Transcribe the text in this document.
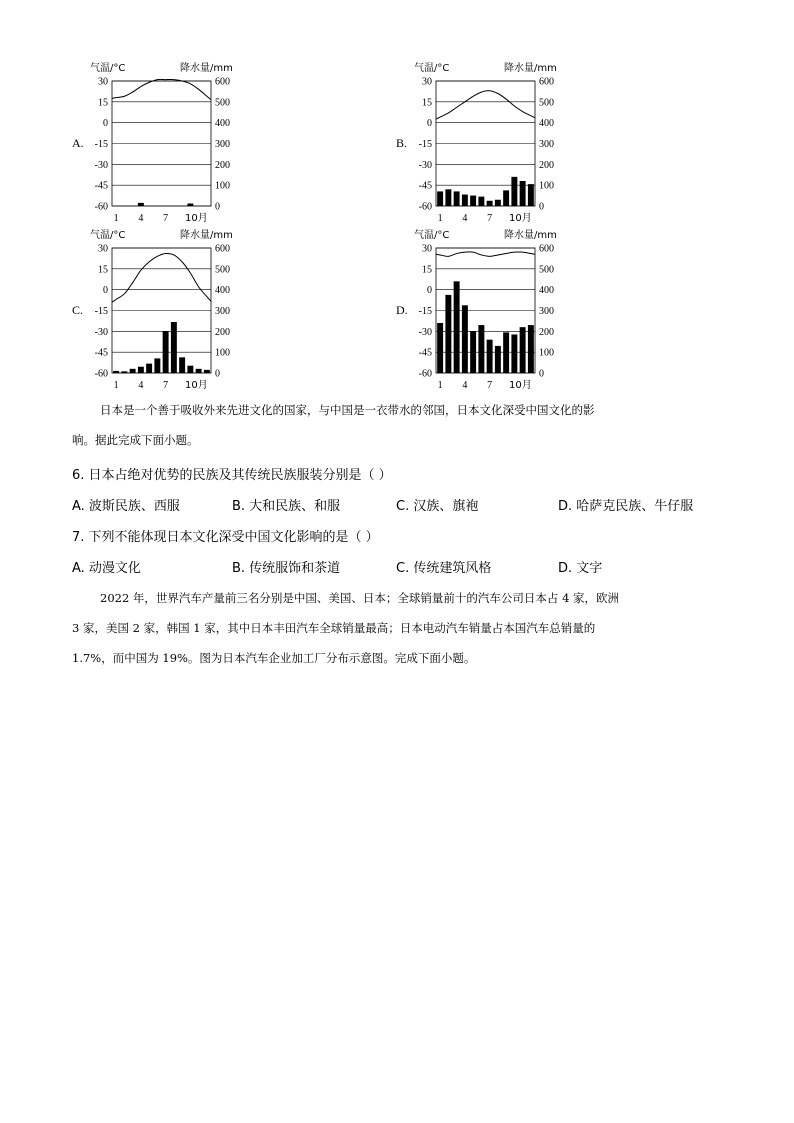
气温/°C	降水量/mm
30	600
15	500
0	400
-15	300
-30	200
-45	100
-60	0
1 4 7 10月
A.
气温/°C	降水量/mm
30	600
15	500
0	400
-15	300
-30	200
-45	100
-60	0
1 4 7 10月
B.
气温/°C	降水量/mm
30	600
15	500
0	400
-15	300
-30	200
-45	100
-60	0
1 4 7 10月
C.
气温/°C	降水量/mm
30	600
15	500
0	400
-15	300
-30	200
-45	100
-60	0
1 4 7 10月
D.
日本是一个善于吸收外来先进文化的国家，与中国是一衣带水的邻国，日本文化深受中国文化的影
响。据此完成下面小题。
6. 日本占绝对优势的民族及其传统民族服装分别是（ ）
A. 波斯民族、西服	B. 大和民族、和服	C. 汉族、旗袍	D. 哈萨克民族、牛仔服
7. 下列不能体现日本文化深受中国文化影响的是（ ）
A. 动漫文化	B. 传统服饰和茶道	C. 传统建筑风格	D. 文字
2022 年，世界汽车产量前三名分别是中国、美国、日本；全球销量前十的汽车公司日本占 4 家，欧洲
3 家，美国 2 家，韩国 1 家，其中日本丰田汽车全球销量最高；日本电动汽车销量占本国汽车总销量的
1.7%，而中国为 19%。图为日本汽车企业加工厂分布示意图。完成下面小题。
